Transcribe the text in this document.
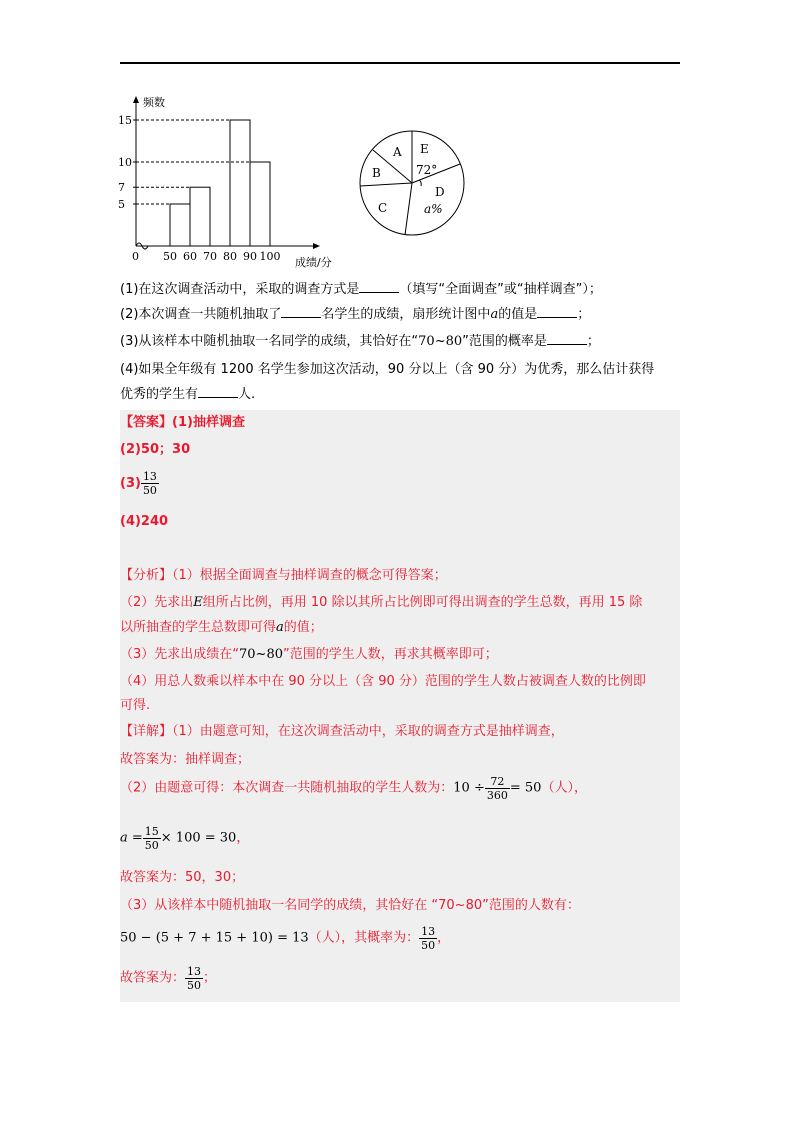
频数
成绩/分
0
5
7
10
15
50 60 70 80 90 100
A E
B
D
C
72°
a%
(1)在这次调查活动中，采取的调查方式是	（填写“全面调查”或“抽样调查”）；
(2)本次调查一共随机抽取了	名学生的成绩，扇形统计图中a的值是	；
(3)从该样本中随机抽取一名同学的成绩，其恰好在“70~80”范围的概率是	；
(4)如果全年级有 1200 名学生参加这次活动，90 分以上（含 90 分）为优秀，那么估计获得
优秀的学生有	人.
【答案】(1)抽样调查
(2)50；30
$(3) \frac{13}{50}$
(4)240
【分析】（1）根据全面调查与抽样调查的概念可得答案；
（2）先求出E组所占比例，再用 10 除以其所占比例即可得出调查的学生总数，再用 15 除
以所抽查的学生总数即可得a的值；
（3）先求出成绩在“70~80”范围的学生人数，再求其概率即可；
（4）用总人数乘以样本中在 90 分以上（含 90 分）范围的学生人数占被调查人数的比例即
可得.
【详解】（1）由题意可知，在这次调查活动中，采取的调查方式是抽样调查，
故答案为：抽样调查；
（2）由题意可得：本次调查一共随机抽取的学生人数为：$10 \div \frac{72}{360} = 50$（人），
$a = \frac{15}{50} \times 100 = 30$，
故答案为：50，30；
（3）从该样本中随机抽取一名同学的成绩，其恰好在 “70~80”范围的人数有：
50 − (5 + 7 + 15 + 10) = 13（人），其概率为： $\frac{13}{50}$ ，
故答案为： $\frac{13}{50}$ ；
